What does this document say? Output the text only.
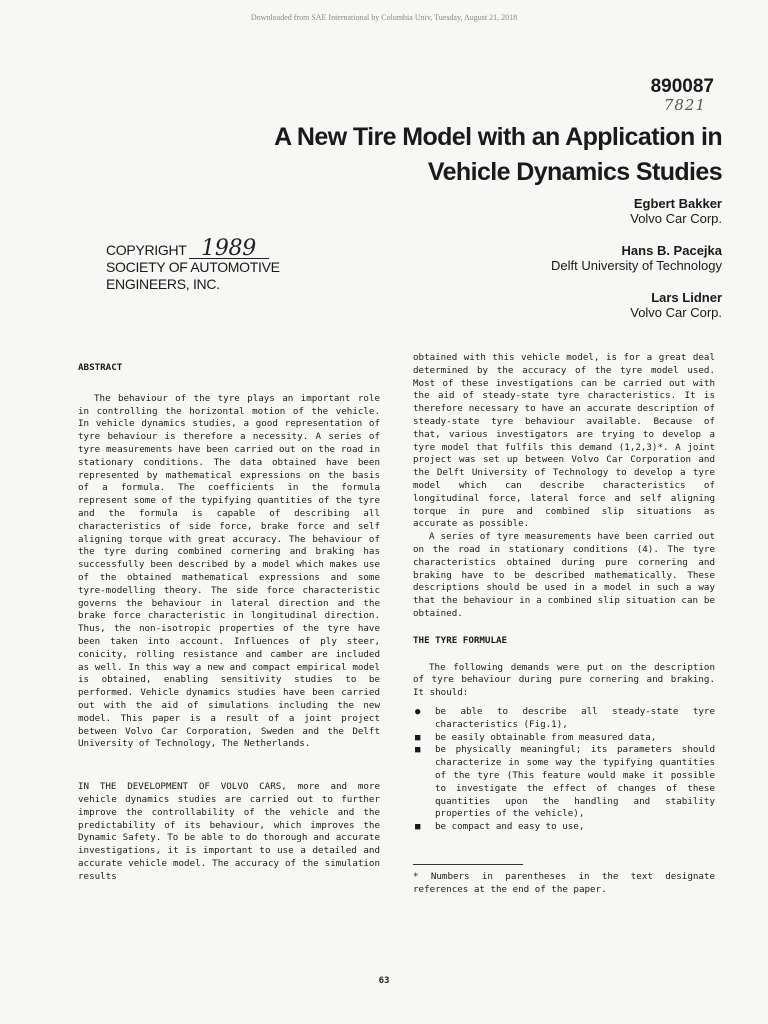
Downloaded from SAE International by Columbia Univ, Tuesday, August 21, 2018
890087
7821
A New Tire Model with an Application in
Vehicle Dynamics Studies
Egbert Bakker
Volvo Car Corp.
Hans B. Pacejka
Delft University of Technology
Lars Lidner
Volvo Car Corp.
COPYRIGHT 1989
SOCIETY OF AUTOMOTIVE
ENGINEERS, INC.
ABSTRACT
The behaviour of the tyre plays an important role in controlling the horizontal motion of the vehicle. In vehicle dynamics studies, a good representation of tyre behaviour is therefore a necessity. A series of tyre measurements have been carried out on the road in stationary conditions. The data obtained have been represented by mathematical expressions on the basis of a formula. The coefficients in the formula represent some of the typifying quantities of the tyre and the formula is capable of describing all characteristics of side force, brake force and self aligning torque with great accuracy. The behaviour of the tyre during combined cornering and braking has successfully been described by a model which makes use of the obtained mathematical expressions and some tyre-modelling theory. The side force characteristic governs the behaviour in lateral direction and the brake force characteristic in longitudinal direction. Thus, the non-isotropic properties of the tyre have been taken into account. Influences of ply steer, conicity, rolling resistance and camber are included as well. In this way a new and compact empirical model is obtained, enabling sensitivity studies to be performed. Vehicle dynamics studies have been carried out with the aid of simulations including the new model. This paper is a result of a joint project between Volvo Car Corporation, Sweden and the Delft University of Technology, The Netherlands.
IN THE DEVELOPMENT OF VOLVO CARS, more and more vehicle dynamics studies are carried out to further improve the controllability of the vehicle and the predictability of its behaviour, which improves the Dynamic Safety. To be able to do thorough and accurate investigations, it is important to use a detailed and accurate vehicle model. The accuracy of the simulation results
obtained with this vehicle model, is for a great deal determined by the accuracy of the tyre model used. Most of these investigations can be carried out with the aid of steady-state tyre characteristics. It is therefore necessary to have an accurate description of steady-state tyre behaviour available. Because of that, various investigators are trying to develop a tyre model that fulfils this demand (1,2,3)*. A joint project was set up between Volvo Car Corporation and the Delft University of Technology to develop a tyre model which can describe characteristics of longitudinal force, lateral force and self aligning torque in pure and combined slip situations as accurate as possible.
A series of tyre measurements have been carried out on the road in stationary conditions (4). The tyre characteristics obtained during pure cornering and braking have to be described mathematically. These descriptions should be used in a model in such a way that the behaviour in a combined slip situation can be obtained.
THE TYRE FORMULAE
The following demands were put on the description of tyre behaviour during pure cornering and braking. It should:
● be able to describe all steady-state tyre characteristics (Fig.1),
■ be easily obtainable from measured data,
■ be physically meaningful; its parameters should characterize in some way the typifying quantities of the tyre (This feature would make it possible to investigate the effect of changes of these quantities upon the handling and stability properties of the vehicle),
■ be compact and easy to use,
* Numbers in parentheses in the text designate references at the end of the paper.
63
